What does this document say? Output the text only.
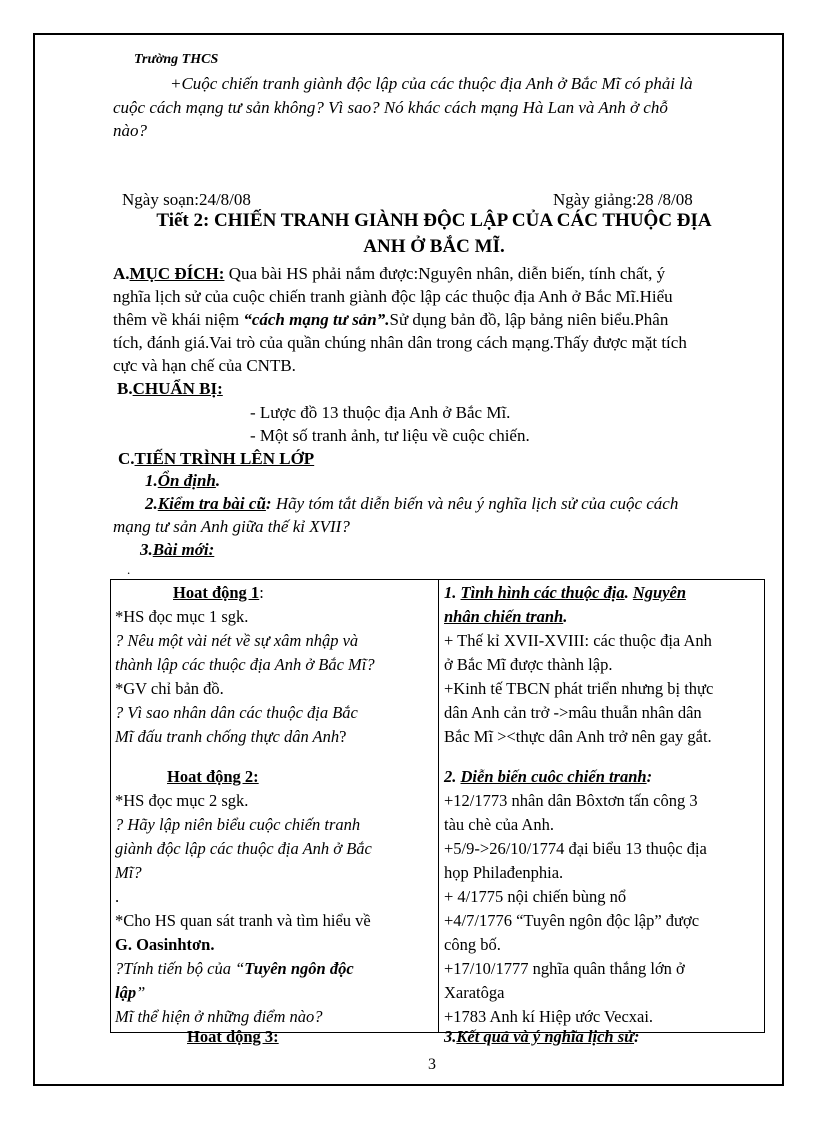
Trường THCS
+Cuộc chiến tranh giành độc lập của các thuộc địa Anh ở Bắc Mĩ có phải là
cuộc cách mạng tư sản không? Vì sao? Nó khác cách mạng Hà Lan và Anh ở chỗ
nào?
Ngày soạn:24/8/08	Ngày giảng:28 /8/08
Tiết 2: CHIẾN TRANH GIÀNH ĐỘC LẬP CỦA CÁC THUỘC ĐỊA
ANH Ở BẮC MĨ.
A.MỤC ĐÍCH: Qua bài HS phải nắm được:Nguyên nhân, diễn biến, tính chất, ý
nghĩa lịch sử của cuộc chiến tranh giành độc lập các thuộc địa Anh ở Bắc Mĩ.Hiểu
thêm về khái niệm “cách mạng tư sản”.Sử dụng bản đồ, lập bảng niên biểu.Phân
tích, đánh giá.Vai trò của quần chúng nhân dân trong cách mạng.Thấy được mặt tích
cực và hạn chế của CNTB.
B.CHUẨN BỊ:
- Lược đồ 13 thuộc địa Anh ở Bắc Mĩ.
- Một số tranh ảnh, tư liệu về cuộc chiến.
C.TIẾN TRÌNH LÊN LỚP
1.Ổn định.
2.Kiểm tra bài cũ: Hãy tóm tắt diễn biến và nêu ý nghĩa lịch sử của cuộc cách
mạng tư sản Anh giữa thế kỉ XVII?
3.Bài mới:
.
Hoat động 1:
*HS đọc mục 1 sgk.
? Nêu một vài nét về sự xâm nhập và
thành lập các thuộc địa Anh ở Bắc Mĩ?
*GV chỉ bản đồ.
? Vì sao nhân dân các thuộc địa Bắc
Mĩ đấu tranh chống thực dân Anh?
Hoat động 2:
*HS đọc mục 2 sgk.
? Hãy lập niên biểu cuộc chiến tranh
giành độc lập các thuộc địa Anh ở Bắc
Mĩ?
.
*Cho HS quan sát tranh và tìm hiểu về
G. Oasinhtơn.
?Tính tiến bộ của “Tuyên ngôn độc
lập”
Mĩ thể hiện ở những điểm nào?
Hoat động 3:
1. Tình hình các thuộc địa. Nguyên
nhân chiến tranh.
+ Thế kỉ XVII-XVIII: các thuộc địa Anh
ở Bắc Mĩ được thành lập.
+Kinh tế TBCN phát triển nhưng bị thực
dân Anh cản trở ->mâu thuẫn nhân dân
Bắc Mĩ ><thực dân Anh trở nên gay gắt.
2. Diễn biến cuôc chiến tranh:
+12/1773 nhân dân Bôxtơn tấn công 3
tàu chè của Anh.
+5/9->26/10/1774 đại biểu 13 thuộc địa
họp Philađenphia.
+ 4/1775 nội chiến bùng nổ
+4/7/1776 “Tuyên ngôn độc lập” được
công bố.
+17/10/1777 nghĩa quân thắng lớn ở
Xaratôga
+1783 Anh kí Hiệp ước Vecxai.
3.Kết quả và ý nghĩa lịch sử:
3
